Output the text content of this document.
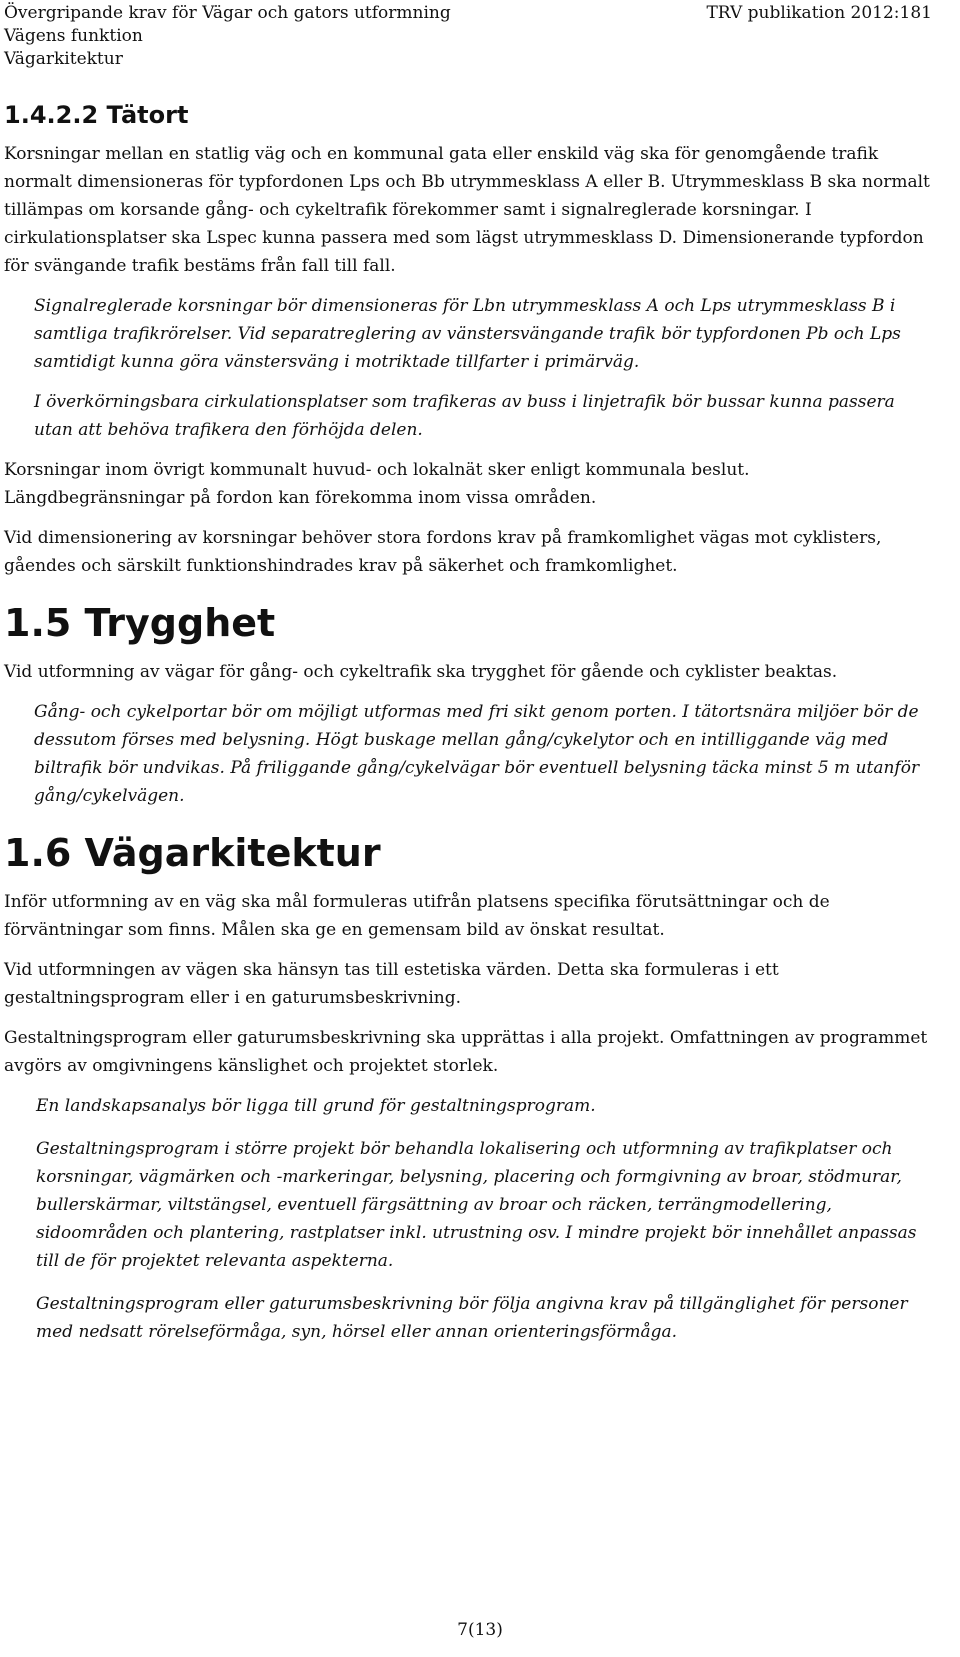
Övergripande krav för Vägar och gators utformning
Vägens funktion
Vägarkitektur
TRV publikation 2012:181
1.4.2.2 Tätort

Korsningar mellan en statlig väg och en kommunal gata eller enskild väg ska för genomgående trafik normalt dimensioneras för typfordonen Lps och Bb utrymmesklass A eller B. Utrymmesklass B ska normalt tillämpas om korsande gång- och cykeltrafik förekommer samt i signalreglerade korsningar. I cirkulationsplatser ska Lspec kunna passera med som lägst utrymmesklass D. Dimensionerande typfordon för svängande trafik bestäms från fall till fall.

Signalreglerade korsningar bör dimensioneras för Lbn utrymmesklass A och Lps utrymmesklass B i samtliga trafikrörelser. Vid separatreglering av vänstersvängande trafik bör typfordonen Pb och Lps samtidigt kunna göra vänstersväng i motriktade tillfarter i primärväg.

I överkörningsbara cirkulationsplatser som trafikeras av buss i linjetrafik bör bussar kunna passera utan att behöva trafikera den förhöjda delen.

Korsningar inom övrigt kommunalt huvud- och lokalnät sker enligt kommunala beslut.

Längdbegränsningar på fordon kan förekomma inom vissa områden.

Vid dimensionering av korsningar behöver stora fordons krav på framkomlighet vägas mot cyklisters, gåendes och särskilt funktionshindrades krav på säkerhet och framkomlighet.

1.5 Trygghet

Vid utformning av vägar för gång- och cykeltrafik ska trygghet för gående och cyklister beaktas.

Gång- och cykelportar bör om möjligt utformas med fri sikt genom porten. I tätortsnära miljöer bör de dessutom förses med belysning. Högt buskage mellan gång/cykelytor och en intilliggande väg med biltrafik bör undvikas. På friliggande gång/cykelvägar bör eventuell belysning täcka minst 5 m utanför gång/cykelvägen.

1.6 Vägarkitektur

Inför utformning av en väg ska mål formuleras utifrån platsens specifika förutsättningar och de förväntningar som finns. Målen ska ge en gemensam bild av önskat resultat.

Vid utformningen av vägen ska hänsyn tas till estetiska värden. Detta ska formuleras i ett gestaltningsprogram eller i en gaturumsbeskrivning.

Gestaltningsprogram eller gaturumsbeskrivning ska upprättas i alla projekt. Omfattningen av programmet avgörs av omgivningens känslighet och projektet storlek.

En landskapsanalys bör ligga till grund för gestaltningsprogram.

Gestaltningsprogram i större projekt bör behandla lokalisering och utformning av trafikplatser och korsningar, vägmärken och -markeringar, belysning, placering och formgivning av broar, stödmurar, bullerskärmar, viltstängsel, eventuell färgsättning av broar och räcken, terrängmodellering, sidoområden och plantering, rastplatser inkl. utrustning osv. I mindre projekt bör innehållet anpassas till de för projektet relevanta aspekterna.

Gestaltningsprogram eller gaturumsbeskrivning bör följa angivna krav på tillgänglighet för personer med nedsatt rörelseförmåga, syn, hörsel eller annan orienteringsförmåga.

7(13)
